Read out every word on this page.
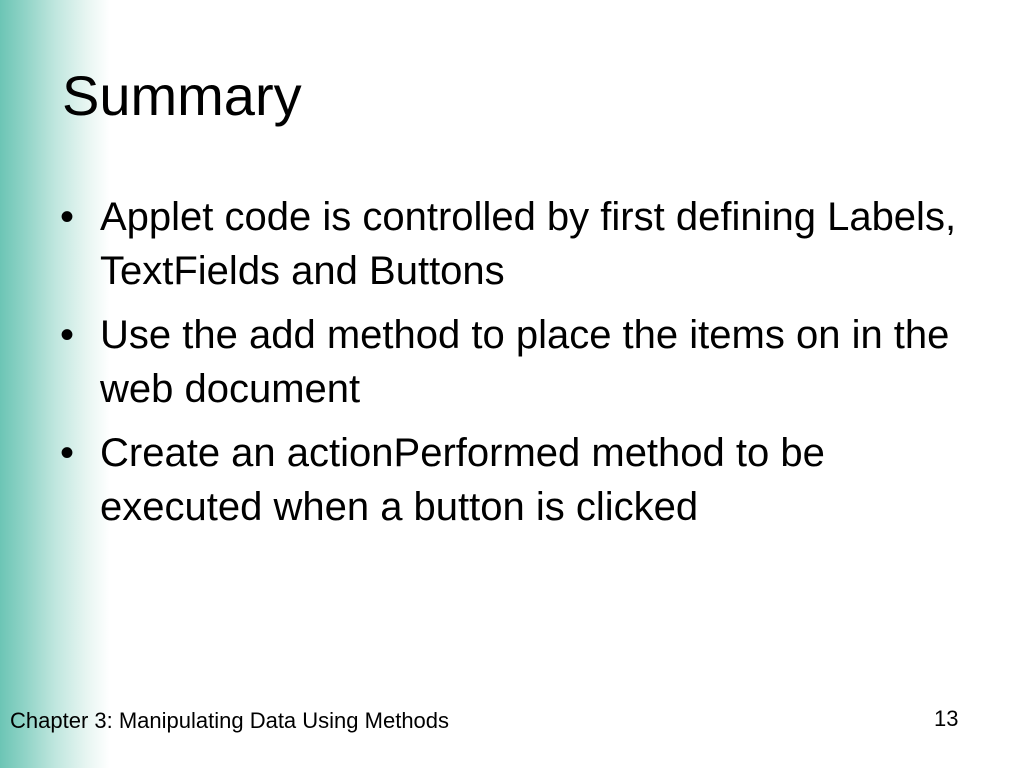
Summary
• Applet code is controlled by first defining Labels, TextFields and Buttons
• Use the add method to place the items on in the web document
• Create an actionPerformed method to be executed when a button is clicked
Chapter 3: Manipulating Data Using Methods	13
